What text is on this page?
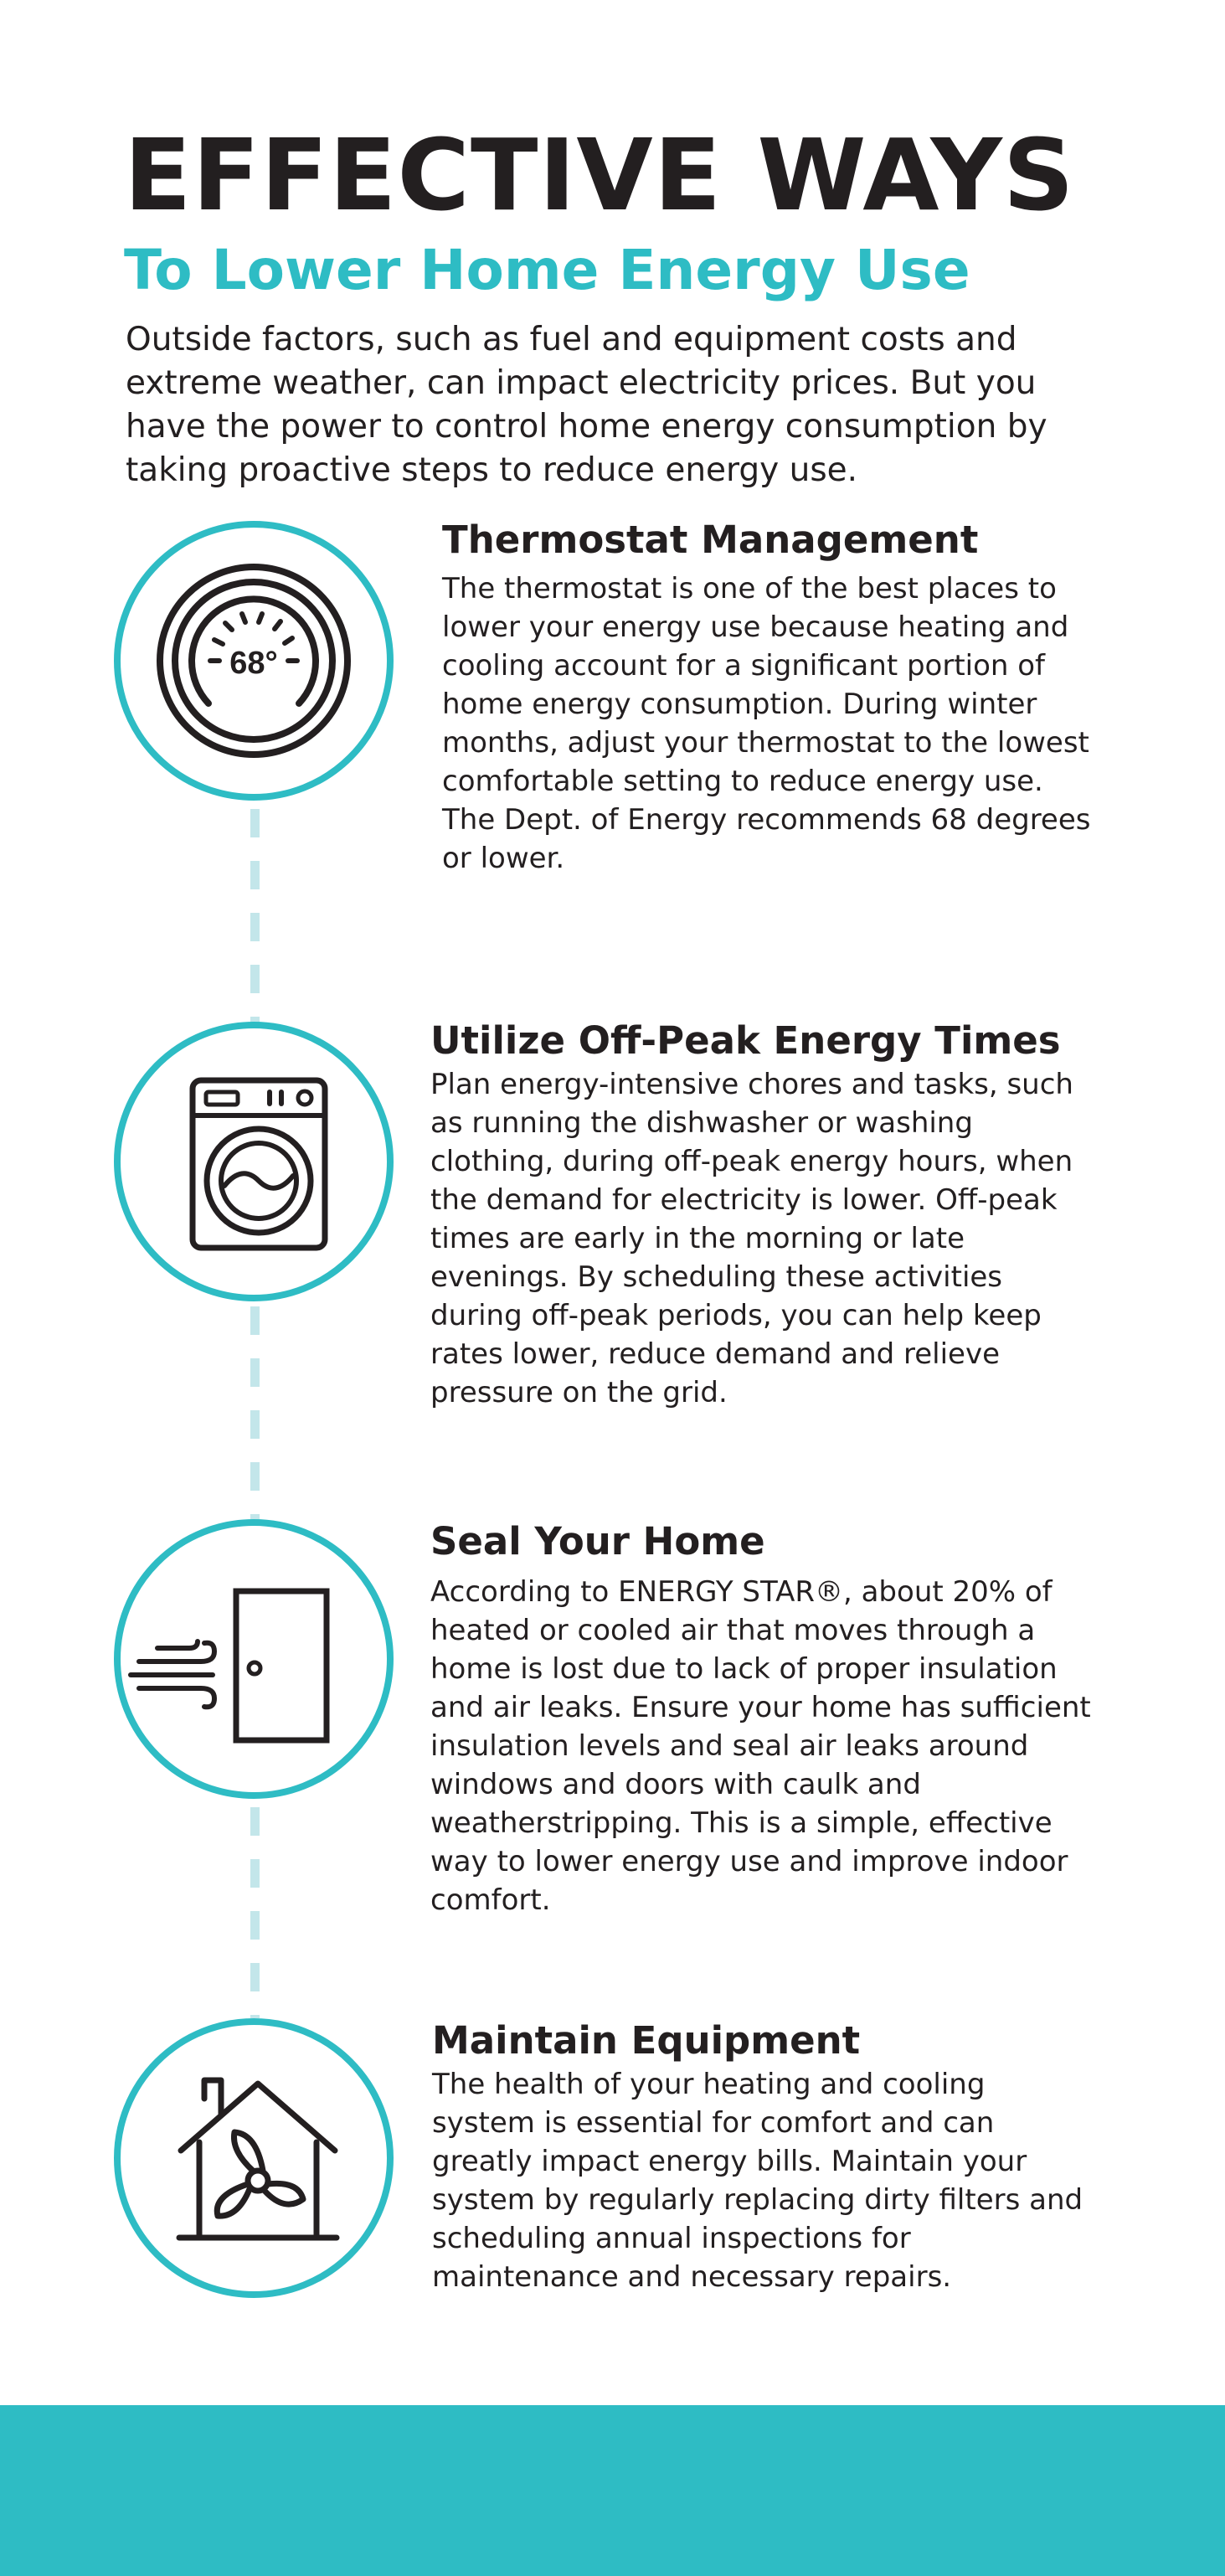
EFFECTIVE WAYS
To Lower Home Energy Use

Outside factors, such as fuel and equipment costs and extreme weather, can impact electricity prices. But you have the power to control home energy consumption by taking proactive steps to reduce energy use.

68°
Thermostat Management

The thermostat is one of the best places to lower your energy use because heating and cooling account for a significant portion of home energy consumption. During winter months, adjust your thermostat to the lowest comfortable setting to reduce energy use. The Dept. of Energy recommends 68 degrees or lower.

Utilize Off-Peak Energy Times

Plan energy-intensive chores and tasks, such as running the dishwasher or washing clothing, during off-peak energy hours, when the demand for electricity is lower. Off-peak times are early in the morning or late evenings. By scheduling these activities during off-peak periods, you can help keep rates lower, reduce demand and relieve pressure on the grid.

Seal Your Home

According to ENERGY STAR®, about 20% of heated or cooled air that moves through a home is lost due to lack of proper insulation and air leaks. Ensure your home has sufficient insulation levels and seal air leaks around windows and doors with caulk and weatherstripping. This is a simple, effective way to lower energy use and improve indoor comfort.

Maintain Equipment

The health of your heating and cooling system is essential for comfort and can greatly impact energy bills. Maintain your system by regularly replacing dirty filters and scheduling annual inspections for maintenance and necessary repairs.
